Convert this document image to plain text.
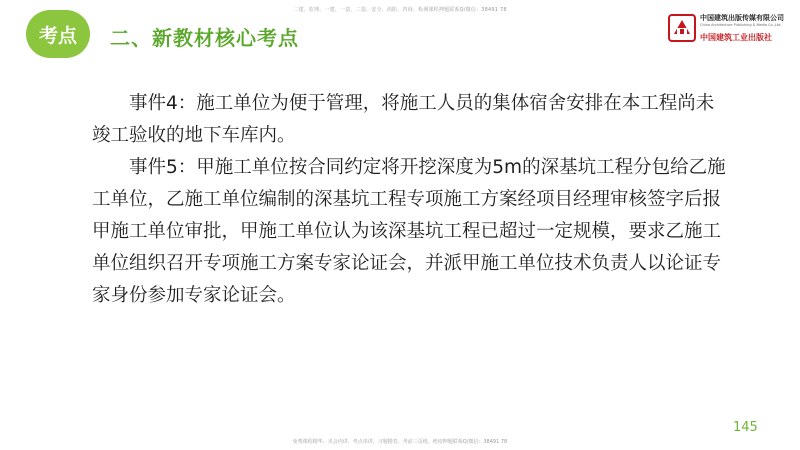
二建、监理、一建、一造、二造、安全、消防、咨询、检测课程押题联系Q/微信：38491 78
考点 二、新教材核心考点
中国建筑出版传媒有限公司
China Architecture Publishing & Media Co.,Ltd.
中国建筑工业出版社

事件4：施工单位为便于管理，将施工人员的集体宿舍安排在本工程尚未竣工验收的地下车库内。

事件5：甲施工单位按合同约定将开挖深度为5m的深基坑工程分包给乙施工单位，乙施工单位编制的深基坑工程专项施工方案经项目经理审核签字后报甲施工单位审批，甲施工单位认为该深基坑工程已超过一定规模，要求乙施工单位组织召开专项施工方案专家论证会，并派甲施工单位技术负责人以论证专家身份参加专家论证会。

145
免费课程精华、夹会内讲、考点串讲、习题精卷、考前三页纸、绝密押题联系Q/微信：38491 78
